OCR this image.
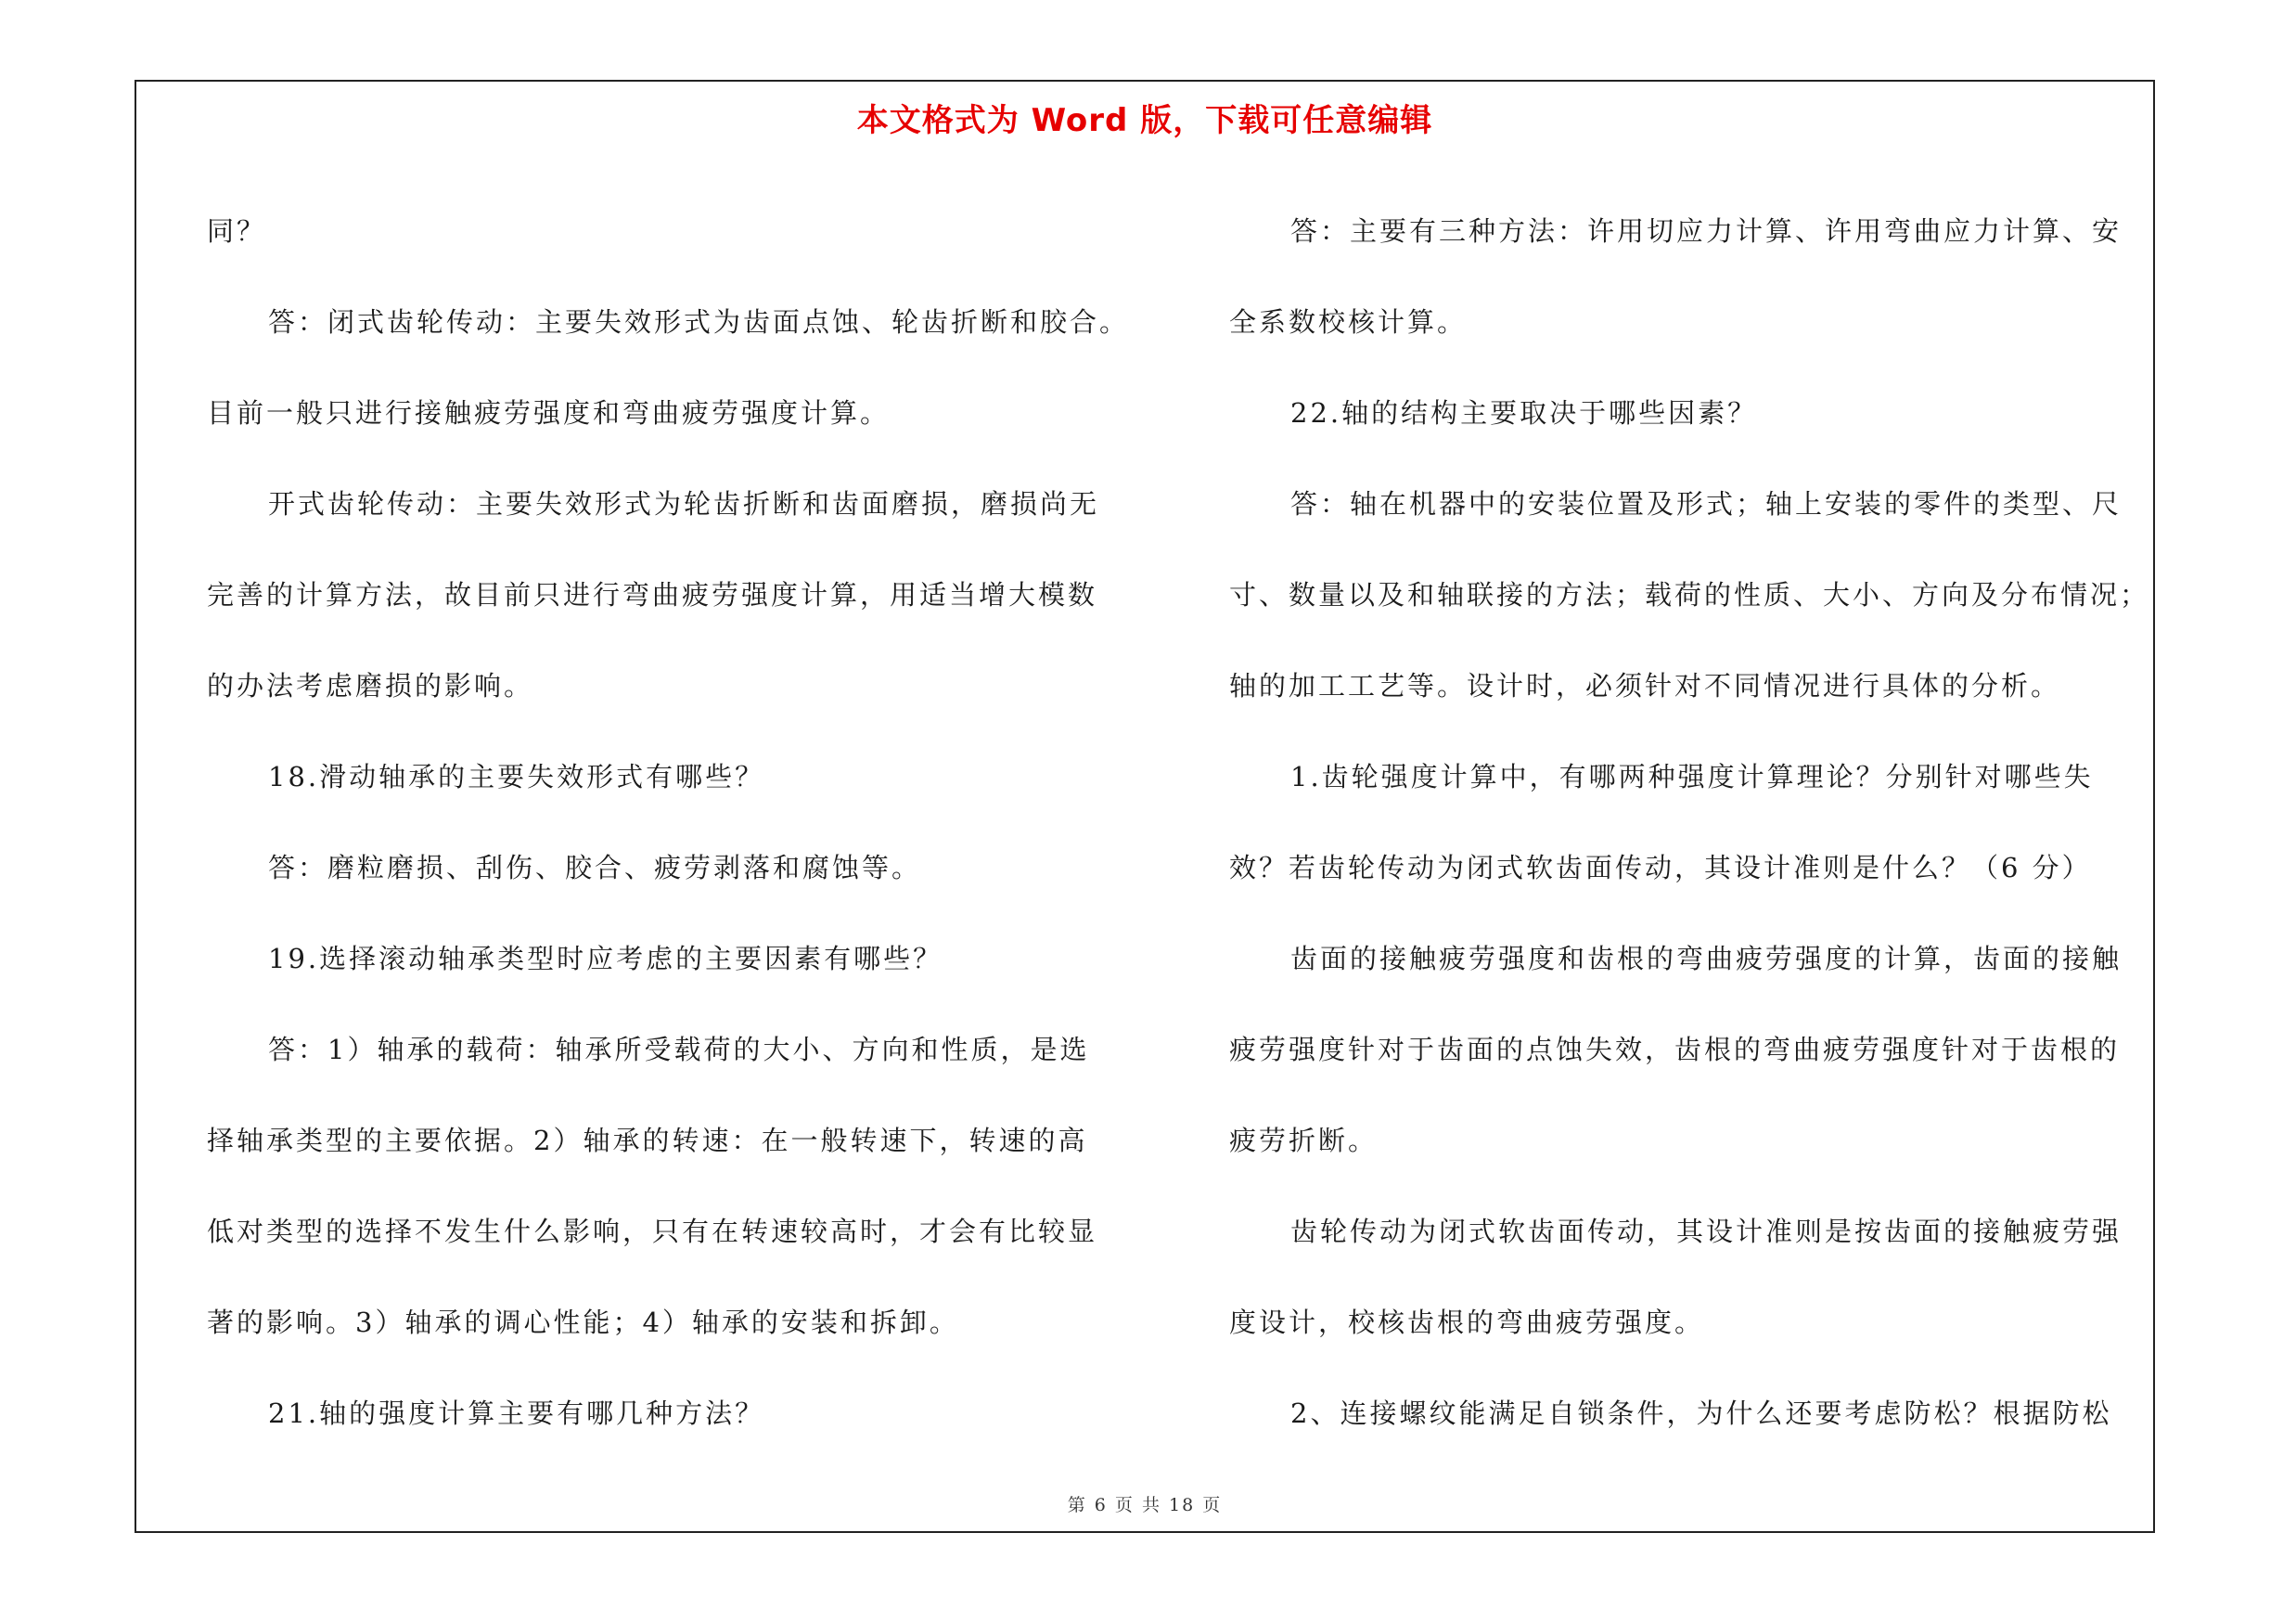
本文格式为 Word 版，下载可任意编辑

同？

答：闭式齿轮传动：主要失效形式为齿面点蚀、轮齿折断和胶合。

目前一般只进行接触疲劳强度和弯曲疲劳强度计算。

开式齿轮传动：主要失效形式为轮齿折断和齿面磨损，磨损尚无

完善的计算方法，故目前只进行弯曲疲劳强度计算，用适当增大模数

的办法考虑磨损的影响。

18.滑动轴承的主要失效形式有哪些？

答：磨粒磨损、刮伤、胶合、疲劳剥落和腐蚀等。

19.选择滚动轴承类型时应考虑的主要因素有哪些？

答：1）轴承的载荷：轴承所受载荷的大小、方向和性质，是选

择轴承类型的主要依据。2）轴承的转速：在一般转速下，转速的高

低对类型的选择不发生什么影响，只有在转速较高时，才会有比较显

著的影响。3）轴承的调心性能；4）轴承的安装和拆卸。

21.轴的强度计算主要有哪几种方法？

答：主要有三种方法：许用切应力计算、许用弯曲应力计算、安

全系数校核计算。

22.轴的结构主要取决于哪些因素？

答：轴在机器中的安装位置及形式；轴上安装的零件的类型、尺

寸、数量以及和轴联接的方法；载荷的性质、大小、方向及分布情况；

轴的加工工艺等。设计时，必须针对不同情况进行具体的分析。

1.齿轮强度计算中，有哪两种强度计算理论？分别针对哪些失

效？若齿轮传动为闭式软齿面传动，其设计准则是什么？（6 分）

齿面的接触疲劳强度和齿根的弯曲疲劳强度的计算，齿面的接触

疲劳强度针对于齿面的点蚀失效，齿根的弯曲疲劳强度针对于齿根的

疲劳折断。

齿轮传动为闭式软齿面传动，其设计准则是按齿面的接触疲劳强

度设计，校核齿根的弯曲疲劳强度。

2、连接螺纹能满足自锁条件，为什么还要考虑防松？根据防松

第 6 页 共 18 页
